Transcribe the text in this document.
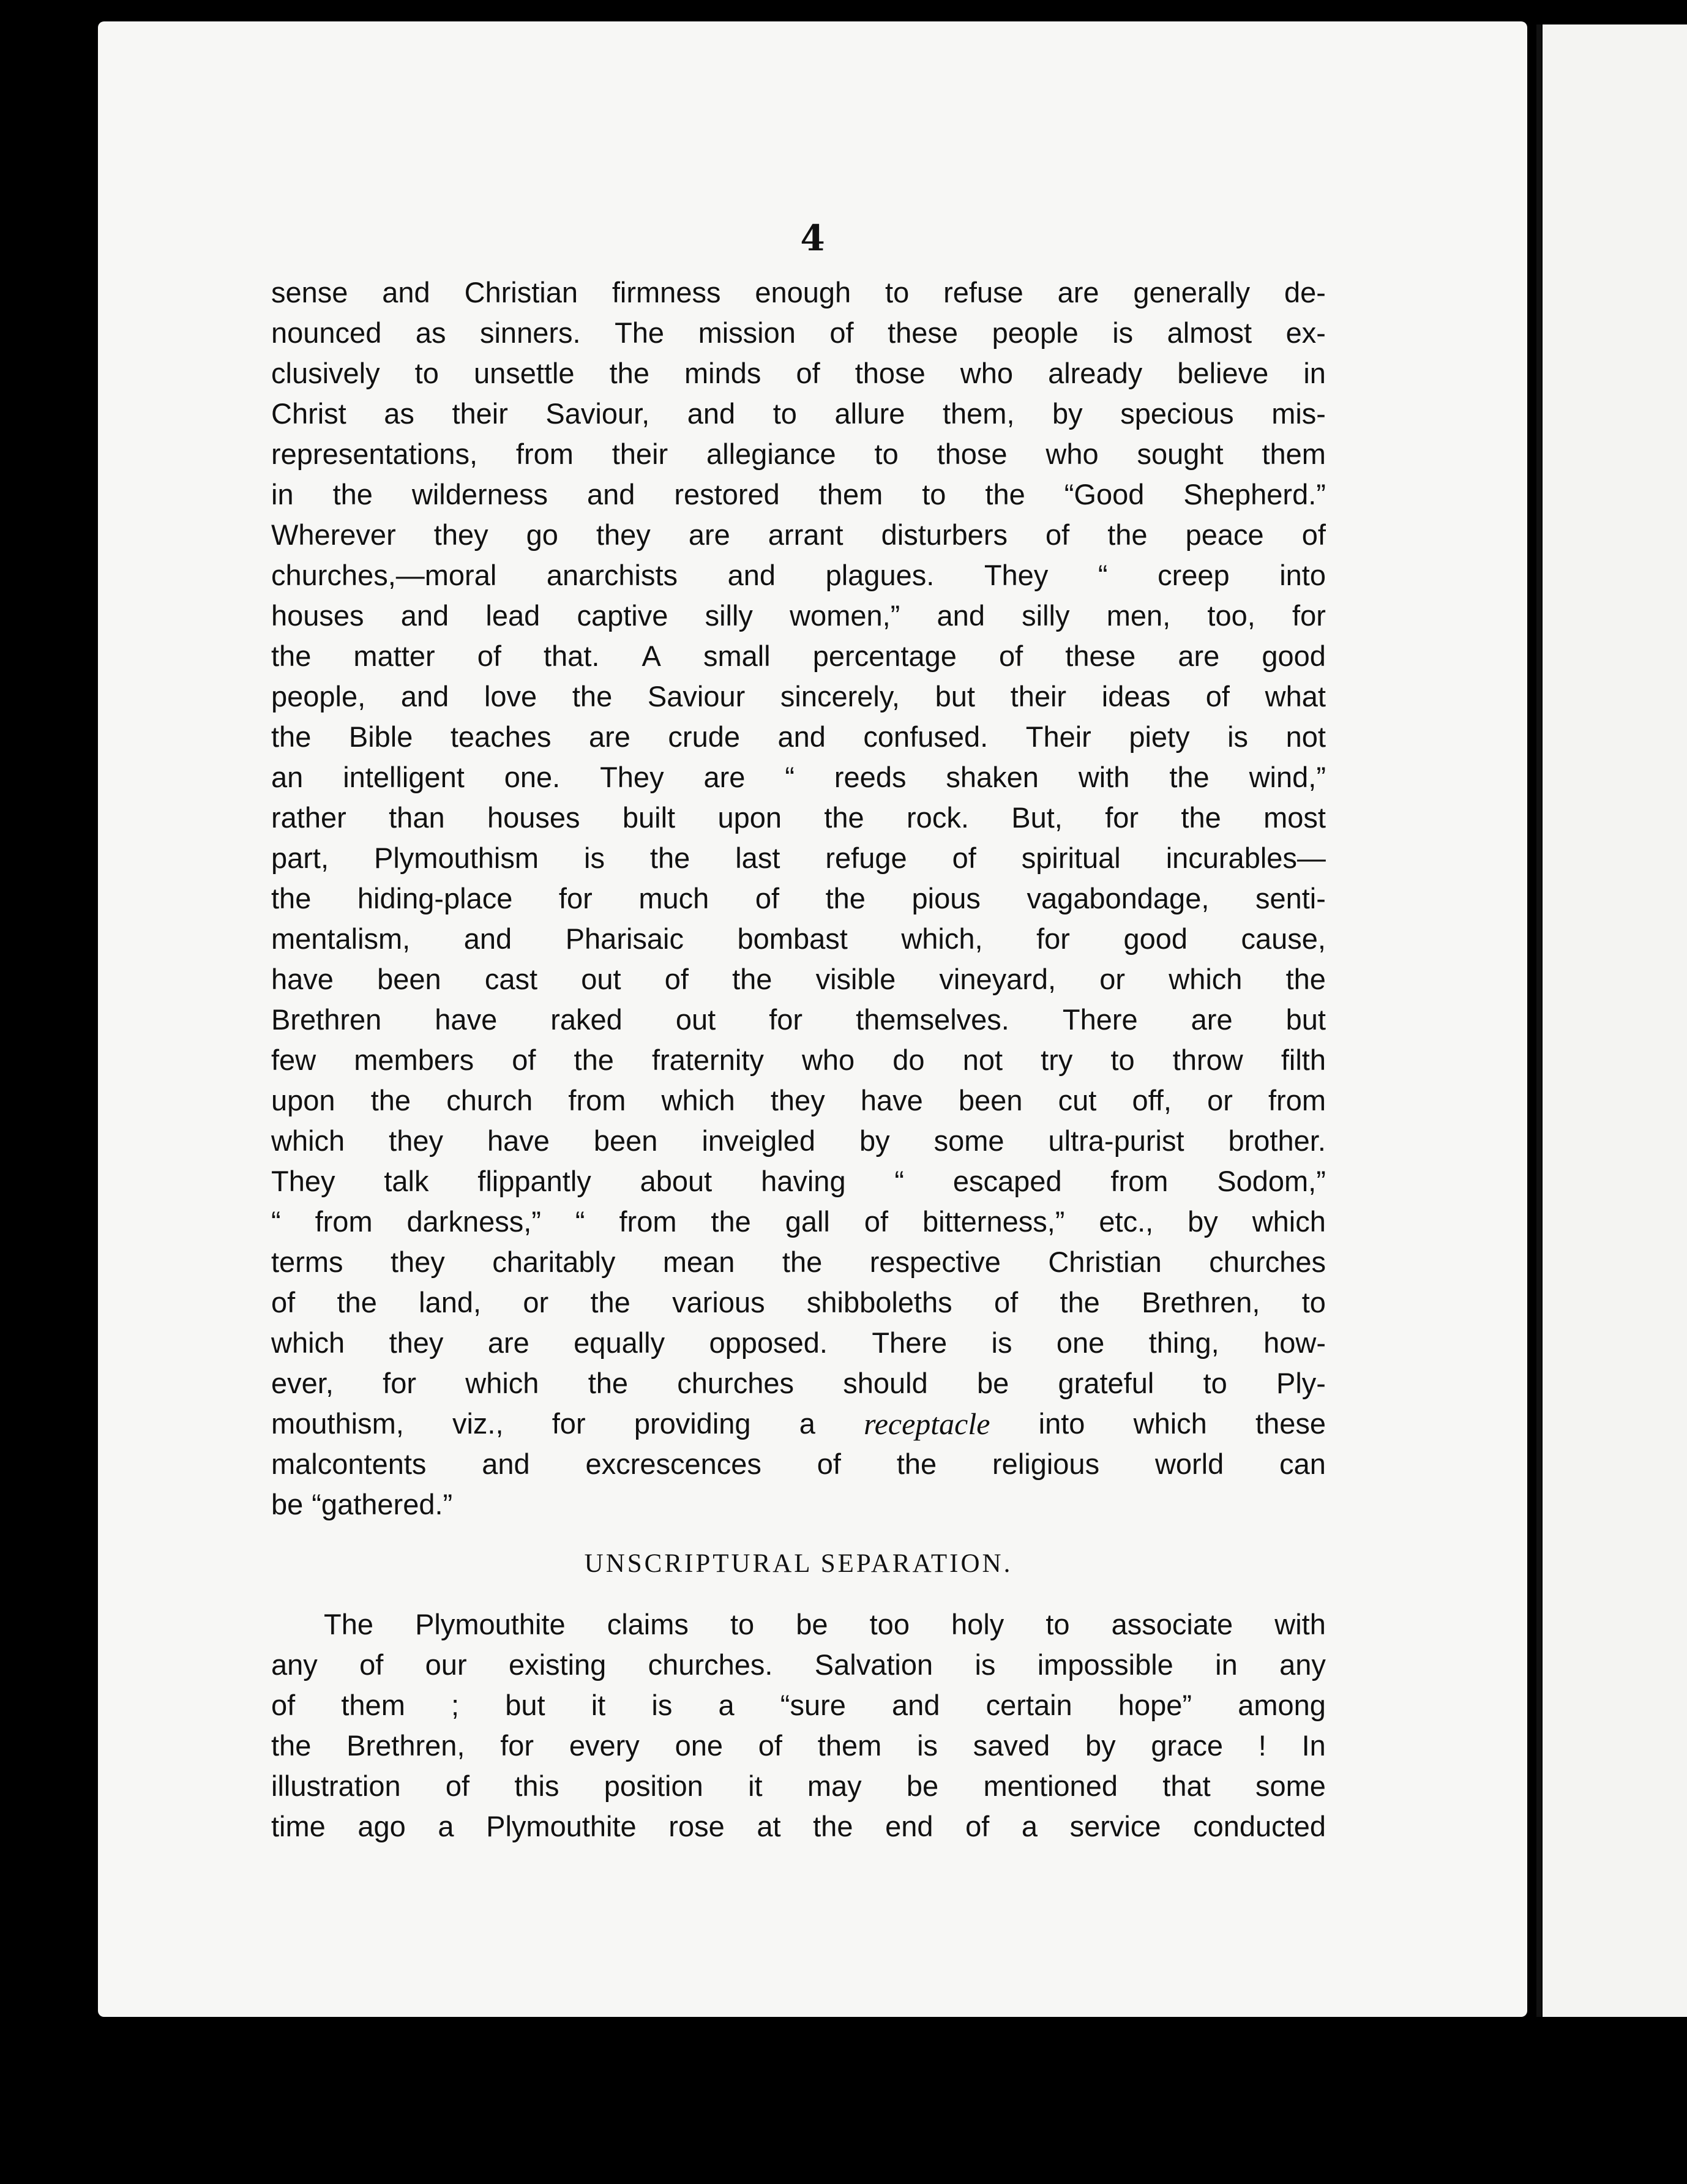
4

sense and Christian firmness enough to refuse are generally de-
nounced as sinners. The mission of these people is almost ex-
clusively to unsettle the minds of those who already believe in
Christ as their Saviour, and to allure them, by specious mis-
representations, from their allegiance to those who sought them
in the wilderness and restored them to the “Good Shepherd.”
Wherever they go they are arrant disturbers of the peace of
churches,—moral anarchists and plagues. They “ creep into
houses and lead captive silly women,” and silly men, too, for
the matter of that. A small percentage of these are good
people, and love the Saviour sincerely, but their ideas of what
the Bible teaches are crude and confused. Their piety is not
an intelligent one. They are “ reeds shaken with the wind,”
rather than houses built upon the rock. But, for the most
part, Plymouthism is the last refuge of spiritual incurables—
the hiding-place for much of the pious vagabondage, senti-
mentalism, and Pharisaic bombast which, for good cause,
have been cast out of the visible vineyard, or which the
Brethren have raked out for themselves. There are but
few members of the fraternity who do not try to throw filth
upon the church from which they have been cut off, or from
which they have been inveigled by some ultra-purist brother.
They talk flippantly about having “ escaped from Sodom,”
“ from darkness,” “ from the gall of bitterness,” etc., by which
terms they charitably mean the respective Christian churches
of the land, or the various shibboleths of the Brethren, to
which they are equally opposed. There is one thing, how-
ever, for which the churches should be grateful to Ply-
mouthism, viz., for providing a receptacle into which these
malcontents and excrescences of the religious world can
be “gathered.”
UNSCRIPTURAL SEPARATION.
The Plymouthite claims to be too holy to associate with
any of our existing churches. Salvation is impossible in any
of them ; but it is a “sure and certain hope” among
the Brethren, for every one of them is saved by grace ! In
illustration of this position it may be mentioned that some
time ago a Plymouthite rose at the end of a service conducted
